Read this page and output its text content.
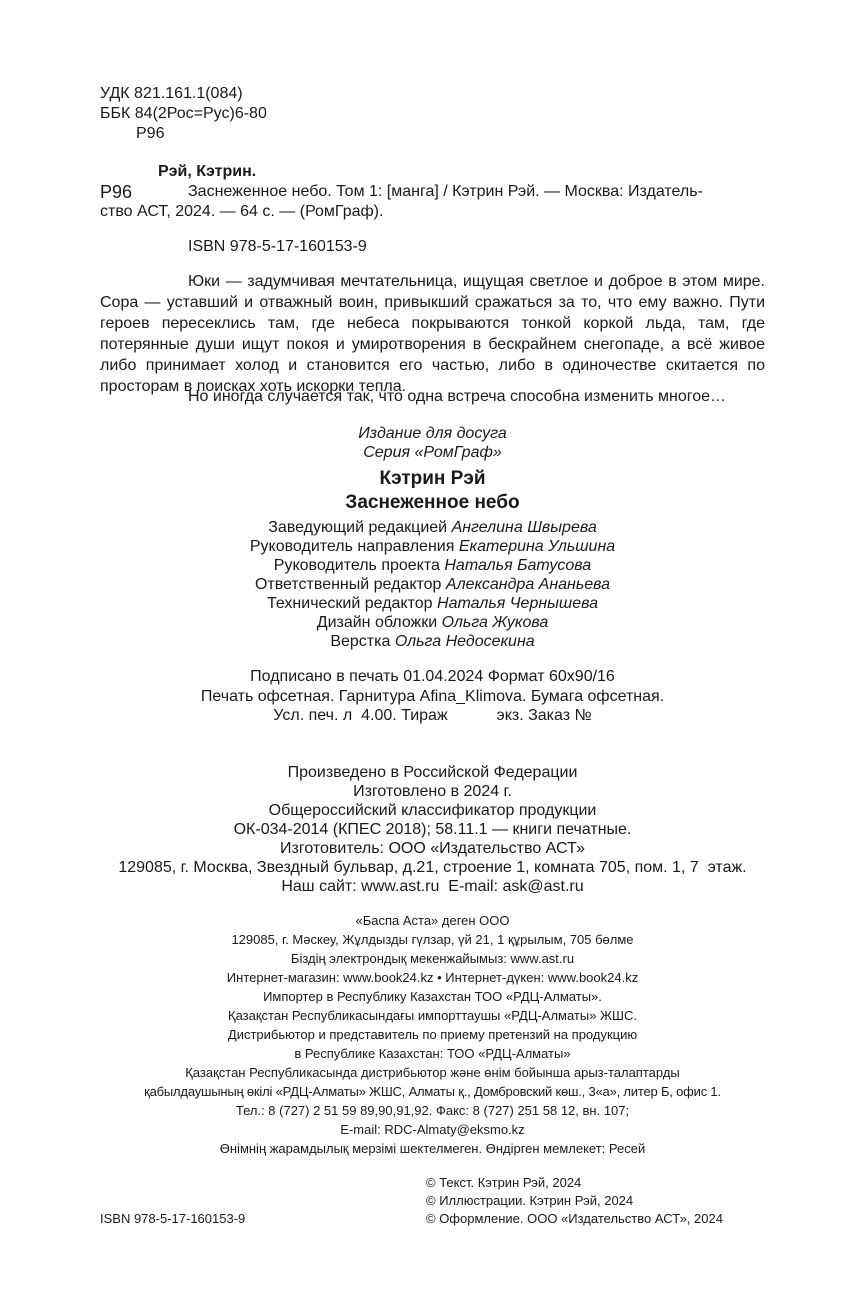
УДК 821.161.1(084)
ББК 84(2Рос=Рус)6-80
Р96
Рэй, Кэтрин.
Р96	Заснеженное небо. Том 1: [манга] / Кэтрин Рэй. — Москва: Издатель-
ство АСТ, 2024. — 64 с. — (РомГраф).
ISBN 978-5-17-160153-9
Юки — задумчивая мечтательница, ищущая светлое и доброе в этом мире. Сора — уставший и отважный воин, привыкший сражаться за то, что ему важно. Пути героев пересеклись там, где небеса покрываются тонкой коркой льда, там, где потерянные души ищут покоя и умиротворения в бескрайнем снегопаде, а всё живое либо принимает холод и становится его частью, либо в одиночестве скитается по просторам в поисках хоть искорки тепла.
Но иногда случается так, что одна встреча способна изменить многое…
Издание для досуга
Серия «РомГраф»
Кэтрин Рэй
Заснеженное небо
Заведующий редакцией Ангелина Швырева
Руководитель направления Екатерина Ульшина
Руководитель проекта Наталья Батусова
Ответственный редактор Александра Ананьева
Технический редактор Наталья Чернышева
Дизайн обложки Ольга Жукова
Верстка Ольга Недосекина
Подписано в печать 01.04.2024 Формат 60х90/16
Печать офсетная. Гарнитура Afina_Klimova. Бумага офсетная.
Усл. печ. л  4.00. Тираж           экз. Заказ №
Произведено в Российской Федерации
Изготовлено в 2024 г.
Общероссийский классификатор продукции
ОК-034-2014 (КПЕС 2018); 58.11.1 — книги печатные.
Изготовитель: ООО «Издательство АСТ»
129085, г. Москва, Звездный бульвар, д.21, строение 1, комната 705, пом. 1, 7  этаж.
Наш сайт: www.ast.ru  E-mail: ask@ast.ru
«Баспа Аста» деген ООО
129085, г. Мәскеу, Жұлдызды гүлзар, үй 21, 1 құрылым, 705 бөлме
Біздің электрондық мекенжайымыз: www.ast.ru
Интернет-магазин: www.book24.kz • Интернет-дүкен: www.book24.kz
Импортер в Республику Казахстан ТОО «РДЦ-Алматы».
Қазақстан Республикасындағы импорттаушы «РДЦ-Алматы» ЖШС.
Дистрибьютор и представитель по приему претензий на продукцию
в Республике Казахстан: ТОО «РДЦ-Алматы»
Қазақстан Республикасында дистрибьютор және өнім бойынша арыз-талаптарды
қабылдаушының өкілі «РДЦ-Алматы» ЖШС, Алматы қ., Домбровский көш., 3«а», литер Б, офис 1.
Тел.: 8 (727) 2 51 59 89,90,91,92. Факс: 8 (727) 251 58 12, вн. 107;
E-mail: RDC-Almaty@eksmo.kz
Өнімнің жарамдылық мерзімі шектелмеген. Өндірген мемлекет: Ресей
© Текст. Кэтрин Рэй, 2024
© Иллюстрации. Кэтрин Рэй, 2024
© Оформление. ООО «Издательство АСТ», 2024
ISBN 978-5-17-160153-9
